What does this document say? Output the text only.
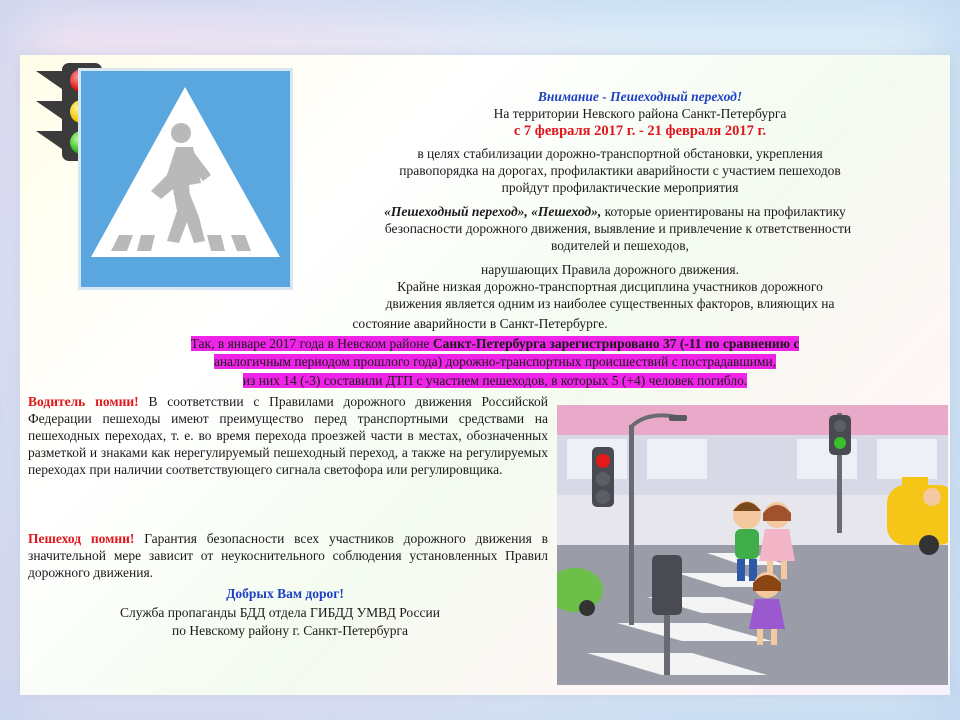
Внимание - Пешеходный переход!
На территории Невского района Санкт-Петербурга
с 7 февраля 2017 г. - 21 февраля 2017 г.
в целях стабилизации дорожно-транспортной обстановки, укрепления
правопорядка на дорогах, профилактики аварийности с участием пешеходов
пройдут профилактические мероприятия
«Пешеходный переход», «Пешеход», которые ориентированы на профилактику
безопасности дорожного движения, выявление и привлечение к ответственности
водителей и пешеходов,
нарушающих Правила дорожного движения.
Крайне низкая дорожно-транспортная дисциплина участников дорожного
движения является одним из наиболее существенных факторов, влияющих на
состояние аварийности в Санкт-Петербурге.
Так, в январе 2017 года в Невском районе Санкт-Петербурга зарегистрировано 37 (-11 по сравнению с
аналогичным периодом прошлого года) дорожно-транспортных происшествий с пострадавшими,
из них 14 (-3) составили ДТП с участием пешеходов, в которых 5 (+4) человек погибло.
Водитель помни! В соответствии с Правилами дорожного движения Российской Федерации пешеходы имеют преимущество перед транспортными средствами на пешеходных переходах, т. е. во время перехода проезжей части в местах, обозначенных разметкой и знаками как нерегулируемый пешеходный переход, а также на регулируемых переходах при наличии соответствующего сигнала светофора или регулировщика.
Пешеход помни! Гарантия безопасности всех участников дорожного движения в значительной мере зависит от неукоснительного соблюдения установленных Правил дорожного движения.
Добрых Вам дорог!
Служба пропаганды БДД отдела ГИБДД УМВД России
по Невскому району г. Санкт-Петербурга
